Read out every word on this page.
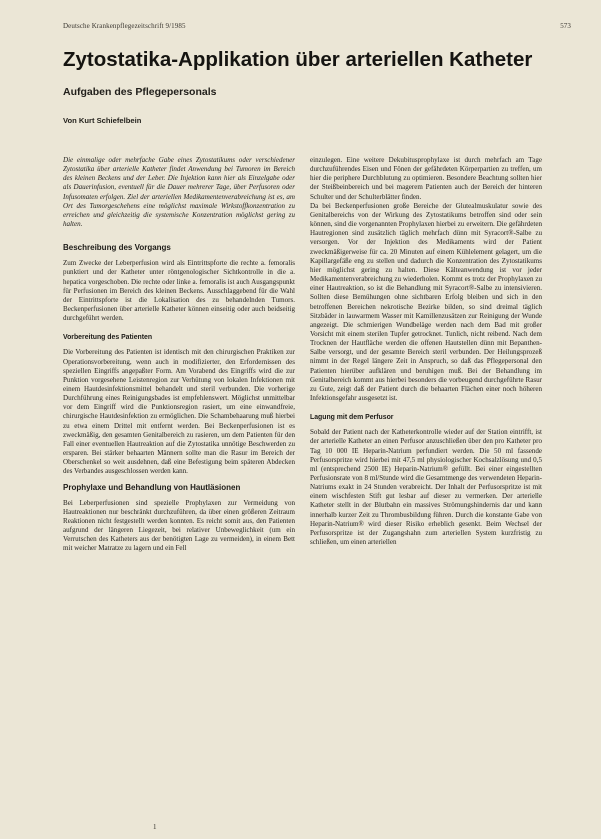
Deutsche Krankenpflegezeitschrift 9/1985	573
Zytostatika-Applikation über arteriellen Katheter
Aufgaben des Pflegepersonals
Von Kurt Schiefelbein

Die einmalige oder mehrfache Gabe eines Zytostatikums oder verschiedener Zytostatika über arterielle Katheter findet Anwendung bei Tumoren im Bereich des kleinen Beckens und der Leber. Die Injektion kann hier als Einzelgabe oder als Dauerinfusion, eventuell für die Dauer mehrerer Tage, über Perfusoren oder Infusomaten erfolgen. Ziel der arteriellen Medikamentenverabreichung ist es, am Ort des Tumorgeschehens eine möglichst maximale Wirkstoffkonzentration zu erreichen und gleichzeitig die systemische Konzentration möglichst gering zu halten.

Beschreibung des Vorgangs

Zum Zwecke der Leberperfusion wird als Eintrittspforte die rechte a. femoralis punktiert und der Katheter unter röntgenologischer Sichtkontrolle in die a. hepatica vorgeschoben. Die rechte oder linke a. femoralis ist auch Ausgangspunkt für Perfusionen im Bereich des kleinen Beckens. Ausschlaggebend für die Wahl der Eintrittspforte ist die Lokalisation des zu behandelnden Tumors. Beckenperfusionen über arterielle Katheter können einseitig oder auch beidseitig durchgeführt werden.

Vorbereitung des Patienten

Die Vorbereitung des Patienten ist identisch mit den chirurgischen Praktiken zur Operationsvorbereitung, wenn auch in modifizierter, den Erfordernissen des speziellen Eingriffs angepaßter Form. Am Vorabend des Eingriffs wird die zur Punktion vorgesehene Leistenregion zur Verhütung von lokalen Infektionen mit einem Hautdesinfektionsmittel behandelt und steril verbunden. Die vorherige Durchführung eines Reinigungsbades ist empfehlenswert. Möglichst unmittelbar vor dem Eingriff wird die Punktionsregion rasiert, um eine einwandfreie, chirurgische Hautdesinfektion zu ermöglichen. Die Schambehaarung muß hierbei zu etwa einem Drittel mit entfernt werden. Bei Beckenperfusionen ist es zweckmäßig, den gesamten Genitalbereich zu rasieren, um dem Patienten für den Fall einer eventuellen Hautreaktion auf die Zytostatika unnötige Beschwerden zu ersparen. Bei stärker behaarten Männern sollte man die Rasur im Bereich der Oberschenkel so weit ausdehnen, daß eine Befestigung beim späteren Abdecken des Verbandes ausgeschlossen werden kann.

Prophylaxe und Behandlung von Hautläsionen

Bei Leberperfusionen sind spezielle Prophylaxen zur Vermeidung von Hautreaktionen nur beschränkt durchzuführen, da über einen größeren Zeitraum Reaktionen nicht festgestellt werden konnten. Es reicht somit aus, den Patienten aufgrund der längeren Liegezeit, bei relativer Unbeweglichkeit (um ein Verrutschen des Katheters aus der benötigten Lage zu vermeiden), in einem Bett mit weicher Matratze zu lagern und ein Fell

einzulegen. Eine weitere Dekubitusprophylaxe ist durch mehrfach am Tage durchzuführendes Eisen und Fönen der gefährdeten Körperpartien zu treffen, um hier die periphere Durchblutung zu optimieren. Besondere Beachtung sollten hier der Steißbeinbereich und bei magerem Patienten auch der Bereich der hinteren Schulter und der Schulterblätter finden.

Da bei Beckenperfusionen große Bereiche der Glutealmuskulatur sowie des Genitalbereichs von der Wirkung des Zytostatikums betroffen sind oder sein können, sind die vorgenannten Prophylaxen hierbei zu erweitern. Die gefährdeten Hautregionen sind zusätzlich täglich mehrfach dünn mit Syracort®-Salbe zu versorgen. Vor der Injektion des Medikaments wird der Patient zweckmäßigerweise für ca. 20 Minuten auf einem Kühlelement gelagert, um die Kapillargefäße eng zu stellen und dadurch die Konzentration des Zytostatikums hier möglichst gering zu halten. Diese Kälteanwendung ist vor jeder Medikamentenverabreichung zu wiederholen. Kommt es trotz der Prophylaxen zu einer Hautreaktion, so ist die Behandlung mit Syracort®-Salbe zu intensivieren. Sollten diese Bemühungen ohne sichtbaren Erfolg bleiben und sich in den betroffenen Bereichen nekrotische Bezirke bilden, so sind dreimal täglich Sitzbäder in lauwarmem Wasser mit Kamillenzusätzen zur Reinigung der Wunde angezeigt. Die schmierigen Wundbeläge werden nach dem Bad mit großer Vorsicht mit einem sterilen Tupfer getrocknet. Tunlich, nicht reibend. Nach dem Trocknen der Hautfläche werden die offenen Hautstellen dünn mit Bepanthen-Salbe versorgt, und der gesamte Bereich steril verbunden. Der Heilungsprozeß nimmt in der Regel längere Zeit in Anspruch, so daß das Pflegepersonal den Patienten hierüber aufklären und beruhigen muß. Bei der Behandlung im Genitalbereich kommt aus hierbei besonders die vorbeugend durchgeführte Rasur zu Gute, zeigt daß der Patient durch die behaarten Flächen einer noch höheren Infektionsgefahr ausgesetzt ist.

Lagung mit dem Perfusor

Sobald der Patient nach der Katheterkontrolle wieder auf der Station eintrifft, ist der arterielle Katheter an einen Perfusor anzuschließen über den pro Katheter pro Tag 10 000 IE Heparin-Natrium perfundiert werden. Die 50 ml fassende Perfusorspritze wird hierbei mit 47,5 ml physiologischer Kochsalzlösung und 0,5 ml (entsprechend 2500 IE) Heparin-Natrium® gefüllt. Bei einer eingestellten Perfusionsrate von 8 ml/Stunde wird die Gesamtmenge des verwendeten Heparin-Natriums exakt in 24 Stunden verabreicht. Der Inhalt der Perfusorspritze ist mit einem wischfesten Stift gut lesbar auf dieser zu vermerken. Der arterielle Katheter stellt in der Blutbahn ein massives Strömungshindernis dar und kann innerhalb kurzer Zeit zu Thrombusbildung führen. Durch die konstante Gabe von Heparin-Natrium® wird dieser Risiko erheblich gesenkt. Beim Wechsel der Perfusorspritze ist der Zugangshahn zum arteriellen System kurzfristig zu schließen, um einen arteriellen

1
